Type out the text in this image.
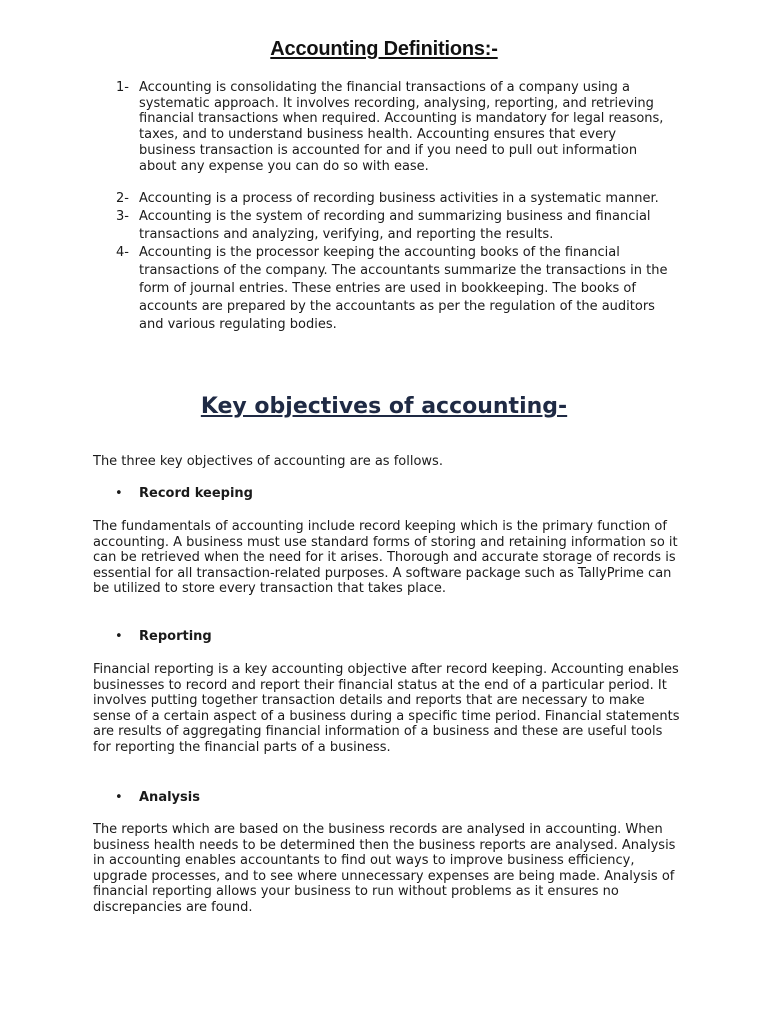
Accounting Definitions:-
1- Accounting is consolidating the financial transactions of a company using a systematic approach. It involves recording, analysing, reporting, and retrieving financial transactions when required. Accounting is mandatory for legal reasons, taxes, and to understand business health. Accounting ensures that every business transaction is accounted for and if you need to pull out information about any expense you can do so with ease.
2- Accounting is a process of recording business activities in a systematic manner.
3- Accounting is the system of recording and summarizing business and financial transactions and analyzing, verifying, and reporting the results.
4- Accounting is the processor keeping the accounting books of the financial transactions of the company. The accountants summarize the transactions in the form of journal entries. These entries are used in bookkeeping. The books of accounts are prepared by the accountants as per the regulation of the auditors and various regulating bodies.
Key objectives of accounting-

The three key objectives of accounting are as follows.

• Record keeping

The fundamentals of accounting include record keeping which is the primary function of accounting. A business must use standard forms of storing and retaining information so it can be retrieved when the need for it arises. Thorough and accurate storage of records is essential for all transaction-related purposes. A software package such as TallyPrime can be utilized to store every transaction that takes place.

• Reporting

Financial reporting is a key accounting objective after record keeping. Accounting enables businesses to record and report their financial status at the end of a particular period. It involves putting together transaction details and reports that are necessary to make sense of a certain aspect of a business during a specific time period. Financial statements are results of aggregating financial information of a business and these are useful tools for reporting the financial parts of a business.

• Analysis

The reports which are based on the business records are analysed in accounting. When business health needs to be determined then the business reports are analysed. Analysis in accounting enables accountants to find out ways to improve business efficiency, upgrade processes, and to see where unnecessary expenses are being made. Analysis of financial reporting allows your business to run without problems as it ensures no discrepancies are found.
